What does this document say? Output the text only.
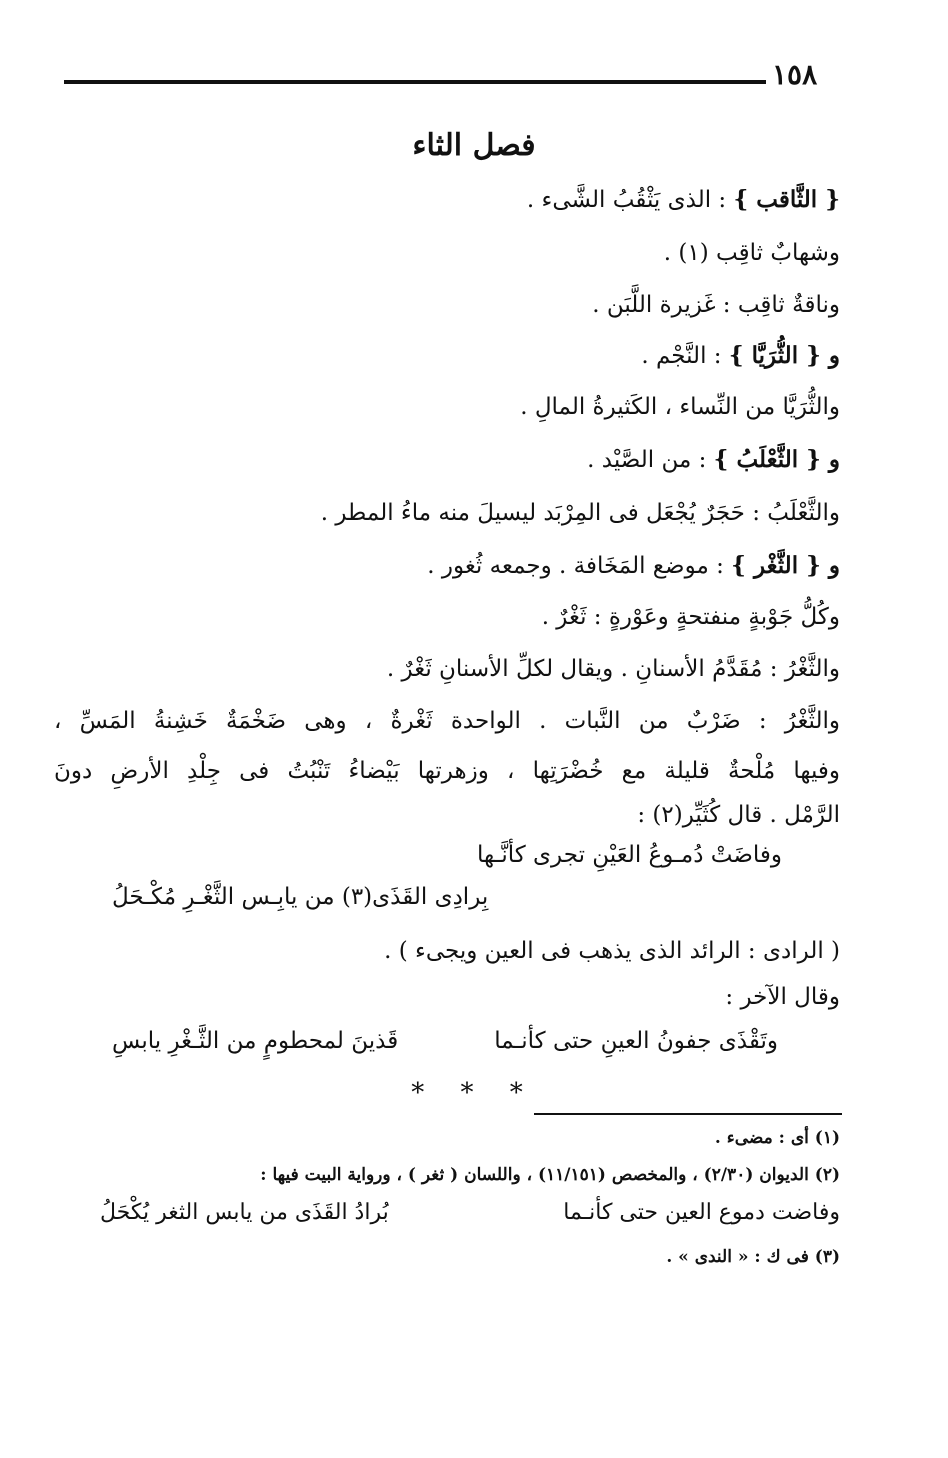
١٥٨
فصل الثاء
{ الثَّاقب } : الذى يَثْقُبُ الشَّىء .
وشهابٌ ثاقِب (١) .
وناقةٌ ثاقِب : غَزيرة اللَّبَن .
و { الثُّرَيَّا } : النَّجْم .
والثُّرَيَّا من النِّساء ، الكَثيرةُ المالِ .
و { الثَّعْلَبُ } : من الصَّيْد .
والثَّعْلَبُ : حَجَرٌ يُجْعَل فى المِرْبَد ليسيلَ منه ماءُ المطر .
و { الثَّغْر } : موضع المَخَافة . وجمعه ثُغور .
وكُلُّ جَوْبةٍ منفتحةٍ وعَوْرةٍ : ثَغْرٌ .
والثَّغْرُ : مُقَدَّمُ الأسنانِ . ويقال لكلِّ الأسنانِ ثَغْرٌ .
والثَّغْرُ : ضَرْبٌ من النَّبات . الواحدة ثَغْرةٌ ، وهى ضَخْمَةٌ خَشِنةُ المَسِّ ،
وفيها مُلْحةٌ قليلة مع خُضْرَتِها ، وزهرتها بَيْضاءُ تَنْبُتُ فى جِلْدِ الأرضِ دونَ
الرَّمْل . قال كُثَيِّر(٢) :
وفاضَتْ دُمـوعُ العَيْنِ تجرى كأنَّـها
بِرادِى القَذَى(٣) من يابِـس الثَّغْـرِ مُكْـحَلُ
( الرادى : الرائد الذى يذهب فى العين ويجىء ) .
وقال الآخر :
وتَقْذَى جفونُ العينِ حتى كأنـما
قَذينَ لمحطومٍ من الثَّـغْرِ يابسِ
* * *
(١) أى : مضىء .
(٢) الديوان (٢/٣٠) ، والمخصص (١١/١٥١) ، واللسان ( ثغر ) ، ورواية البيت فيها :
وفاضت دموع العين حتى كأنـما
بُرادُ القَذَى من يابس الثغر يُكْحَلُ
(٣) فى ك : « الندى » .
